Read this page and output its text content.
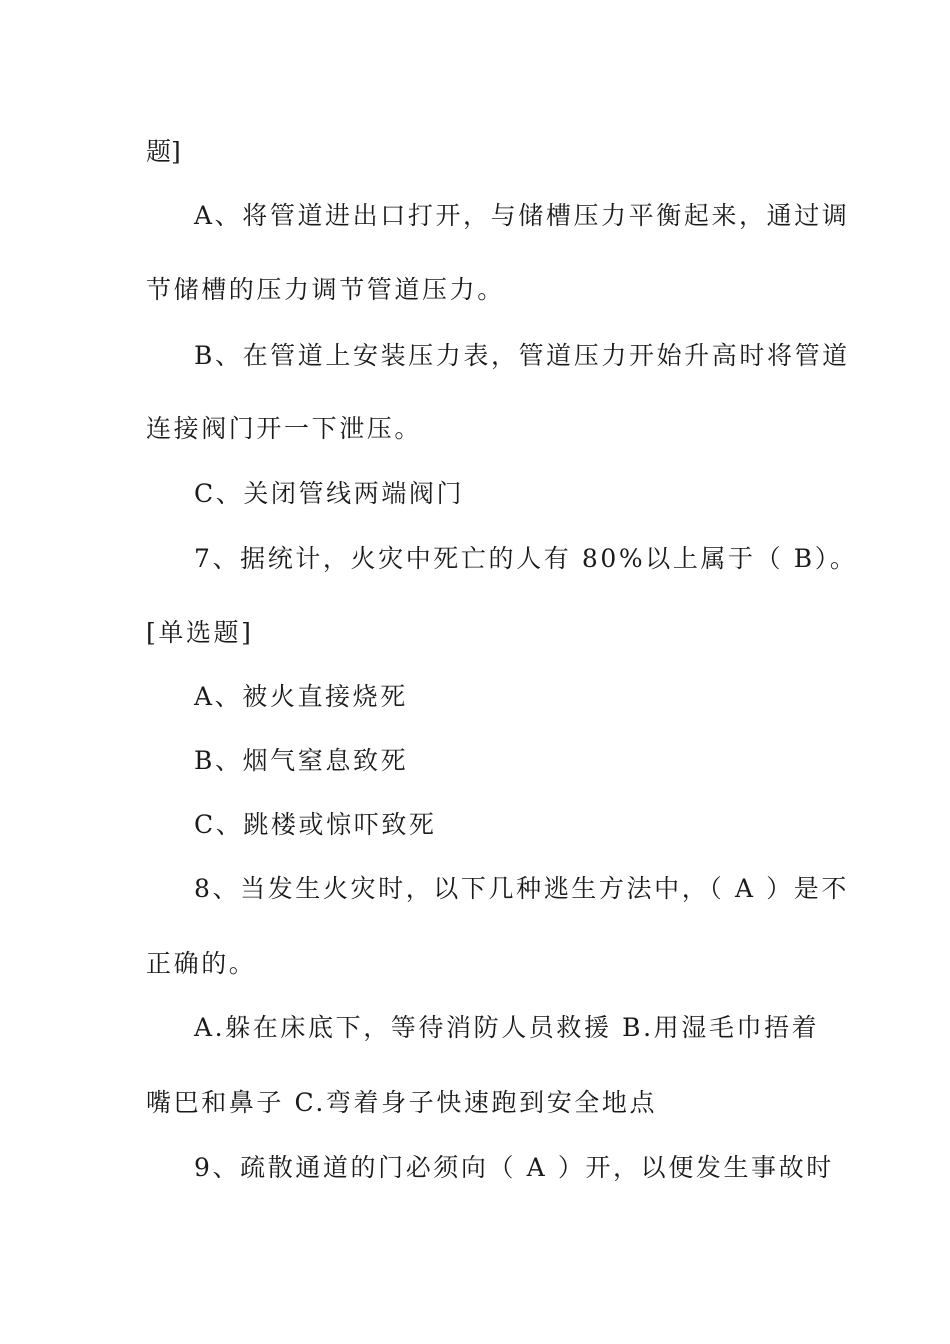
题]

A、将管道进出口打开，与储槽压力平衡起来，通过调

节储槽的压力调节管道压力。

B、在管道上安装压力表，管道压力开始升高时将管道

连接阀门开一下泄压。

C、关闭管线两端阀门

7、据统计，火灾中死亡的人有 80%以上属于（ B）。

[单选题]

A、被火直接烧死

B、烟气窒息致死

C、跳楼或惊吓致死

8、当发生火灾时，以下几种逃生方法中，（ A ）是不

正确的。

A.躲在床底下，等待消防人员救援 B.用湿毛巾捂着

嘴巴和鼻子 C.弯着身子快速跑到安全地点

9、疏散通道的门必须向（ A ）开，以便发生事故时
